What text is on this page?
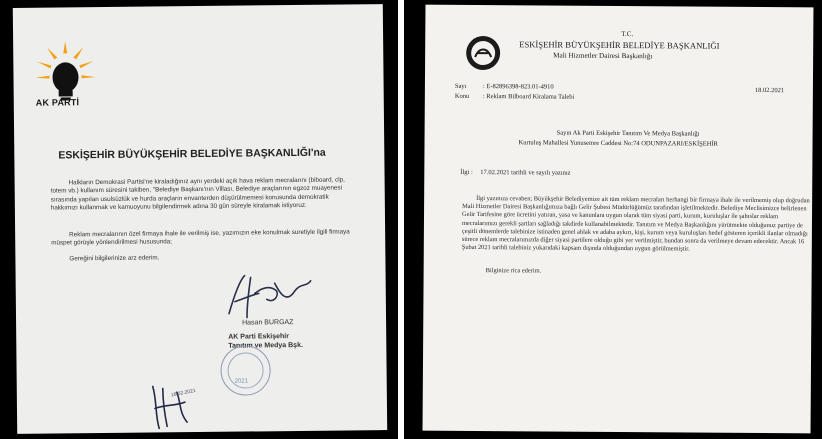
AK PARTİ
ESKİŞEHİR BÜYÜKŞEHİR BELEDİYE BAŞKANLIĞI'na

Halkların Demokrasi Partisi'ne kiraladığınız aynı yerdeki açık hava reklam mecralarını (biboard, clp, totem vb.) kullanım süresini takiben, "Belediye Başkanı'nın Villası, Belediye araçlarının egzoz muayenesi sırasında yapılan usulsüzlük ve hurda araçların envanterden düşürülmemesi konusunda demokratik hakkımızı kullanmak ve kamuoyunu bilgilendirmek adına 30 gün süreyle kiralamak istiyoruz.

Reklam mecralarının özel firmaya ihale ile verilmiş ise, yazımızın eke konulmak suretiyle ilgili firmaya müspet görüşle yönlendirilmesi hususunda;

Gereğini bilgilerinize arz ederim.

Hasan BURGAZ
AK Parti Eskişehir
Tanıtım ve Medya Bşk.
2021
16.02.2021
T.C.
ESKİŞEHİR BÜYÜKŞEHİR BELEDİYE BAŞKANLIĞI
Mali Hizmetler Dairesi Başkanlığı
Sayı	: E-82896398-823.01-4910
Konu : Reklam Bilboard Kiralama Talebi
18.02.2021
Sayın Ak Parti Eskişehir Tanıtım Ve Medya Başkanlığı
Kurtuluş Mahallesi Yunusemre Caddesi No:74 ODUNPAZARI/ESKİŞEHİR
İlgi : 17.02.2021 tarihli ve sayılı yazınız

İlgi yazınıza cevaben; Büyükşehir Belediyemize ait tüm reklam mecraları herhangi bir firmaya ihale ile verilmemiş olup doğrudan Mali Hizmetler Dairesi Başkanlığımıza bağlı Gelir Şubesi Müdürlüğümüz tarafından işletilmektedir. Belediye Meclisimizce belirlenen Gelir Tarifesine göre ücretini yatıran, yasa ve kanunlara uygun olarak tüm siyasi parti, kurum, kuruluşlar ile şahıslar reklam mecralarımızı gerekli şartları sağladığı takdirde kullanabilmektedir. Tanıtım ve Medya Başkanlığını yürütmekte olduğunuz partiye de çeşitli dönemlerde talebinize istinaden genel ahlak ve adaba aykırı, kişi, kurum veya kuruluşları hedef gösteren içerikli ilanlar olmadığı sürece reklam mecralarımızda diğer siyasi partilere olduğu gibi yer verilmiştir, bundan sonra da verilmeye devam edecektir. Ancak 16 Şubat 2021 tarihli talebiniz yukarıdaki kapsam dışında olduğundan uygun görülmemiştir.

Bilginize rica ederim.
